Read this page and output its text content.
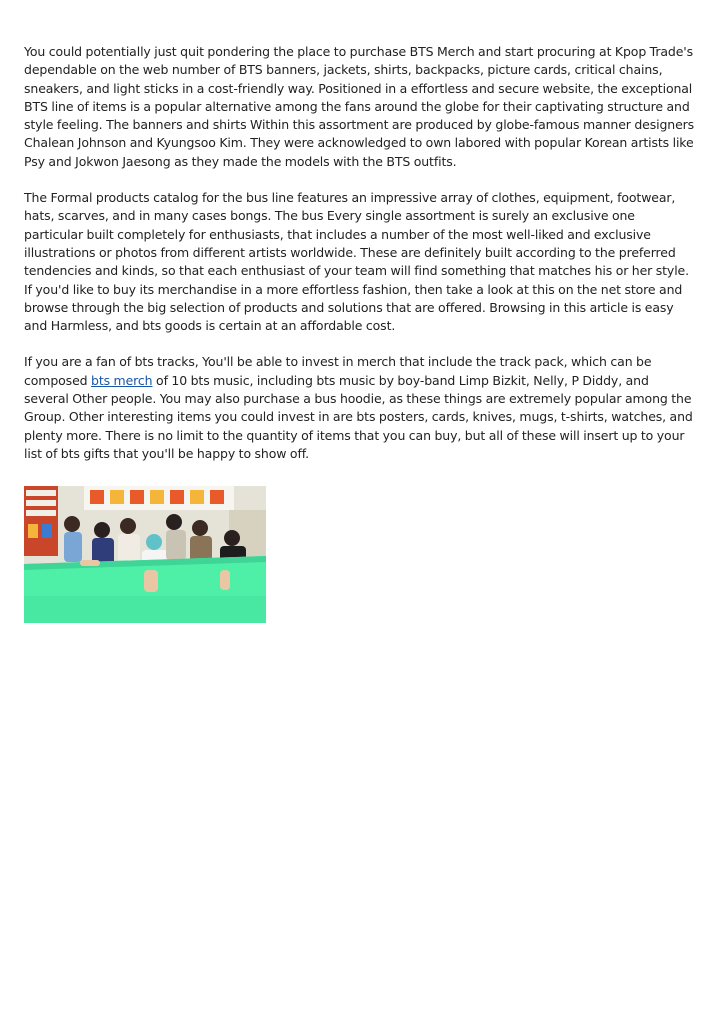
You could potentially just quit pondering the place to purchase BTS Merch and start procuring at Kpop Trade's dependable on the web number of BTS banners, jackets, shirts, backpacks, picture cards, critical chains, sneakers, and light sticks in a cost-friendly way. Positioned in a effortless and secure website, the exceptional BTS line of items is a popular alternative among the fans around the globe for their captivating structure and style feeling. The banners and shirts Within this assortment are produced by globe-famous manner designers Chalean Johnson and Kyungsoo Kim. They were acknowledged to own labored with popular Korean artists like Psy and Jokwon Jaesong as they made the models with the BTS outfits.

The Formal products catalog for the bus line features an impressive array of clothes, equipment, footwear, hats, scarves, and in many cases bongs. The bus Every single assortment is surely an exclusive one particular built completely for enthusiasts, that includes a number of the most well-liked and exclusive illustrations or photos from different artists worldwide. These are definitely built according to the preferred tendencies and kinds, so that each enthusiast of your team will find something that matches his or her style. If you'd like to buy its merchandise in a more effortless fashion, then take a look at this on the net store and browse through the big selection of products and solutions that are offered. Browsing in this article is easy and Harmless, and bts goods is certain at an affordable cost.

If you are a fan of bts tracks, You'll be able to invest in merch that include the track pack, which can be composed bts merch of 10 bts music, including bts music by boy-band Limp Bizkit, Nelly, P Diddy, and several Other people. You may also purchase a bus hoodie, as these things are extremely popular among the Group. Other interesting items you could invest in are bts posters, cards, knives, mugs, t-shirts, watches, and plenty more. There is no limit to the quantity of items that you can buy, but all of these will insert up to your list of bts gifts that you'll be happy to show off.
